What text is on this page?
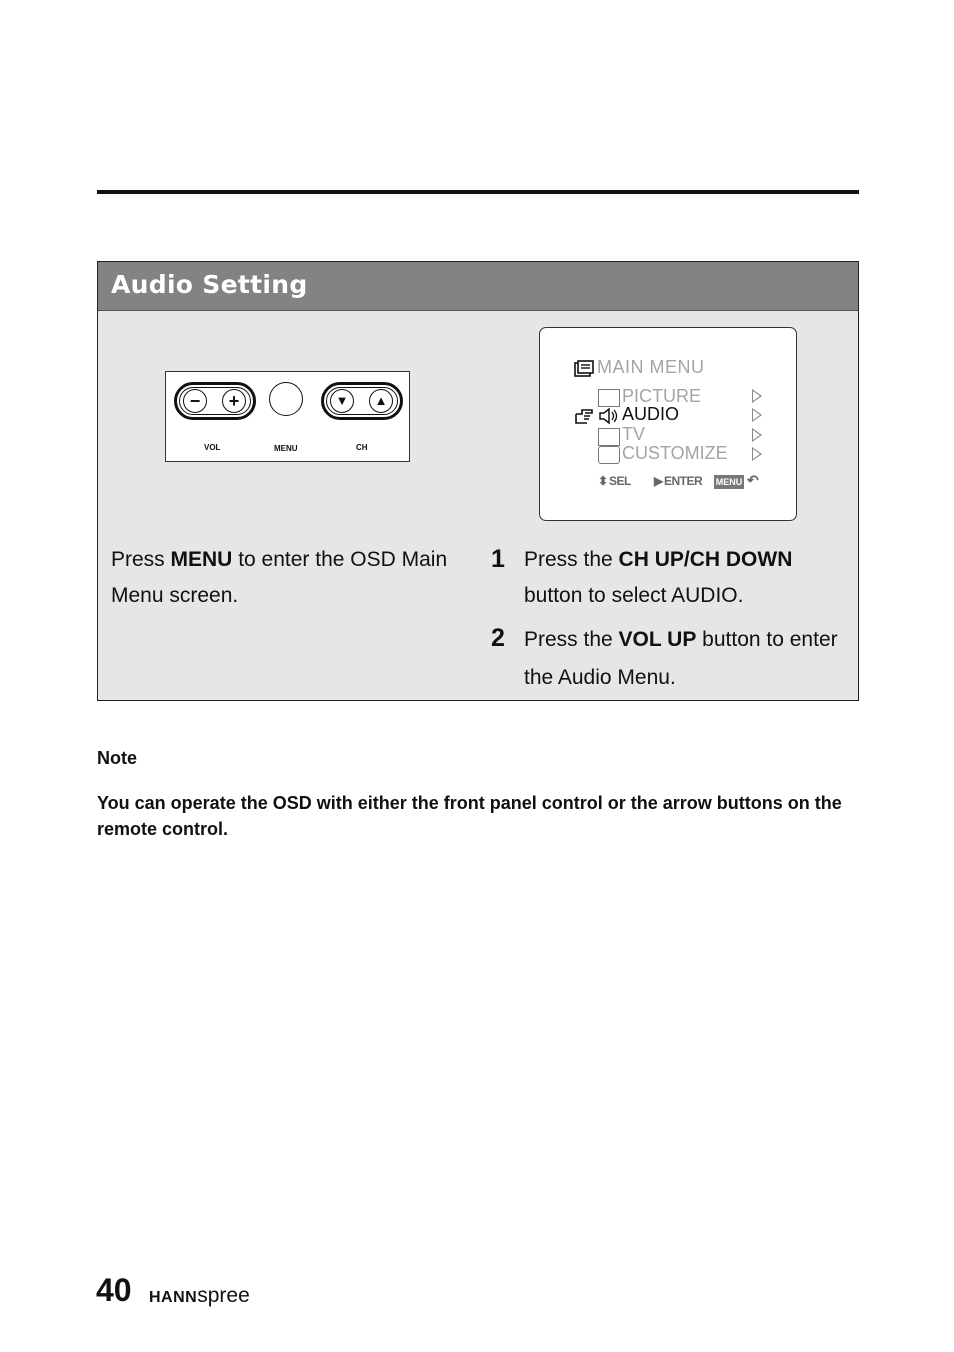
Audio Setting
−	+	▼	▲
VOL	MENU	CH
MAIN MENU
PICTURE
AUDIO
TV
CUSTOMIZE
⬍ SEL ▶ ENTER MENU ↶
Press MENU to enter the OSD Main Menu screen.
1 Press the CH UP/CH DOWN button to select AUDIO.
2 Press the VOL UP button to enter the Audio Menu.
Note
You can operate the OSD with either the front panel control or the arrow buttons on the remote control.
40 HANNspree
